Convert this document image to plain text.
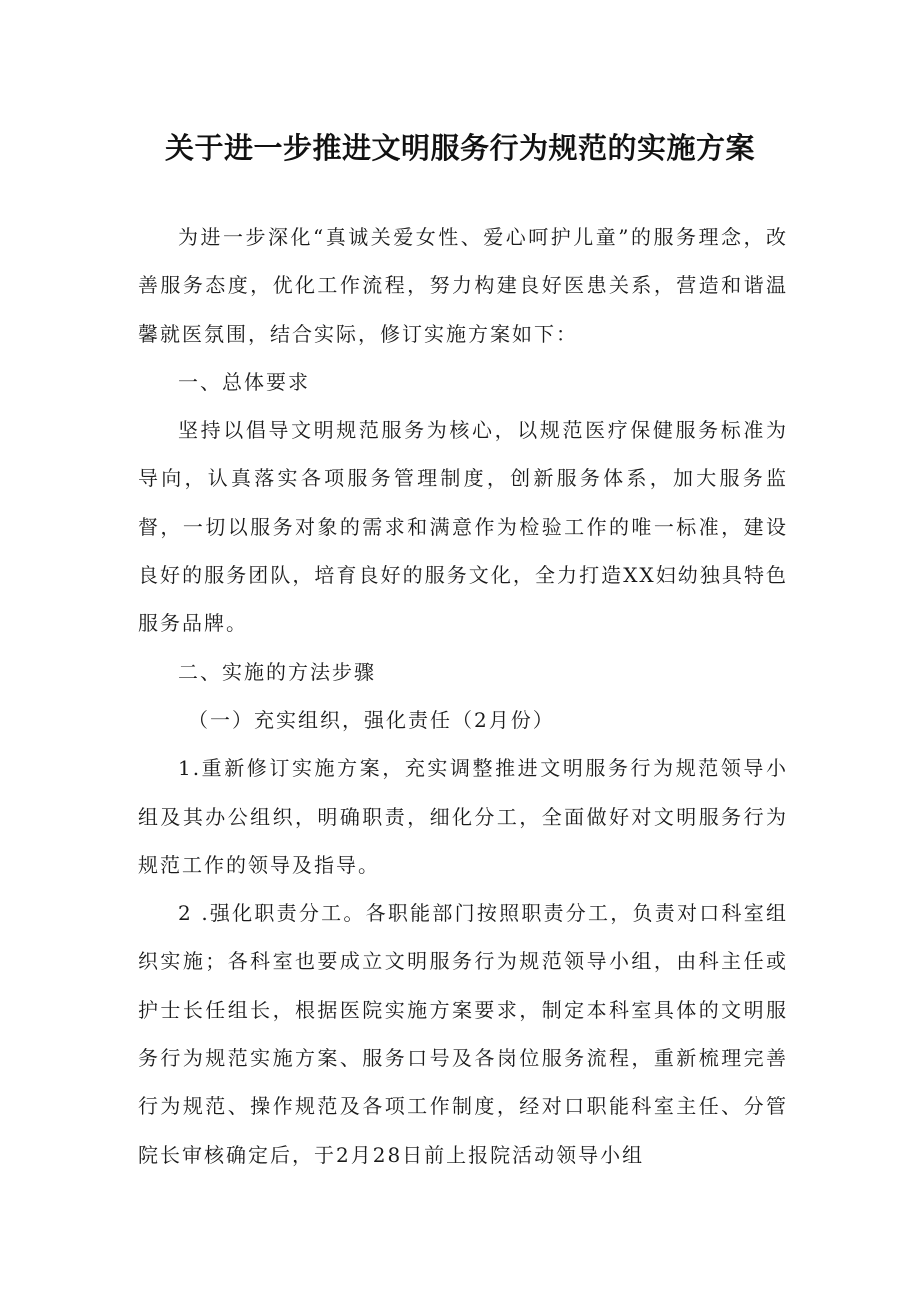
关于进一步推进文明服务行为规范的实施方案

为进一步深化“真诚关爱女性、爱心呵护儿童”的服务理念，改善服务态度，优化工作流程，努力构建良好医患关系，营造和谐温馨就医氛围，结合实际，修订实施方案如下：

一、总体要求

坚持以倡导文明规范服务为核心，以规范医疗保健服务标准为导向，认真落实各项服务管理制度，创新服务体系，加大服务监督，一切以服务对象的需求和满意作为检验工作的唯一标准，建设良好的服务团队，培育良好的服务文化，全力打造XX妇幼独具特色服务品牌。

二、实施的方法步骤

（一）充实组织，强化责任（2月份）

1.重新修订实施方案，充实调整推进文明服务行为规范领导小组及其办公组织，明确职责，细化分工，全面做好对文明服务行为规范工作的领导及指导。

2 .强化职责分工。各职能部门按照职责分工，负责对口科室组织实施；各科室也要成立文明服务行为规范领导小组，由科主任或护士长任组长，根据医院实施方案要求，制定本科室具体的文明服务行为规范实施方案、服务口号及各岗位服务流程，重新梳理完善行为规范、操作规范及各项工作制度，经对口职能科室主任、分管院长审核确定后，于2月28日前上报院活动领导小组
